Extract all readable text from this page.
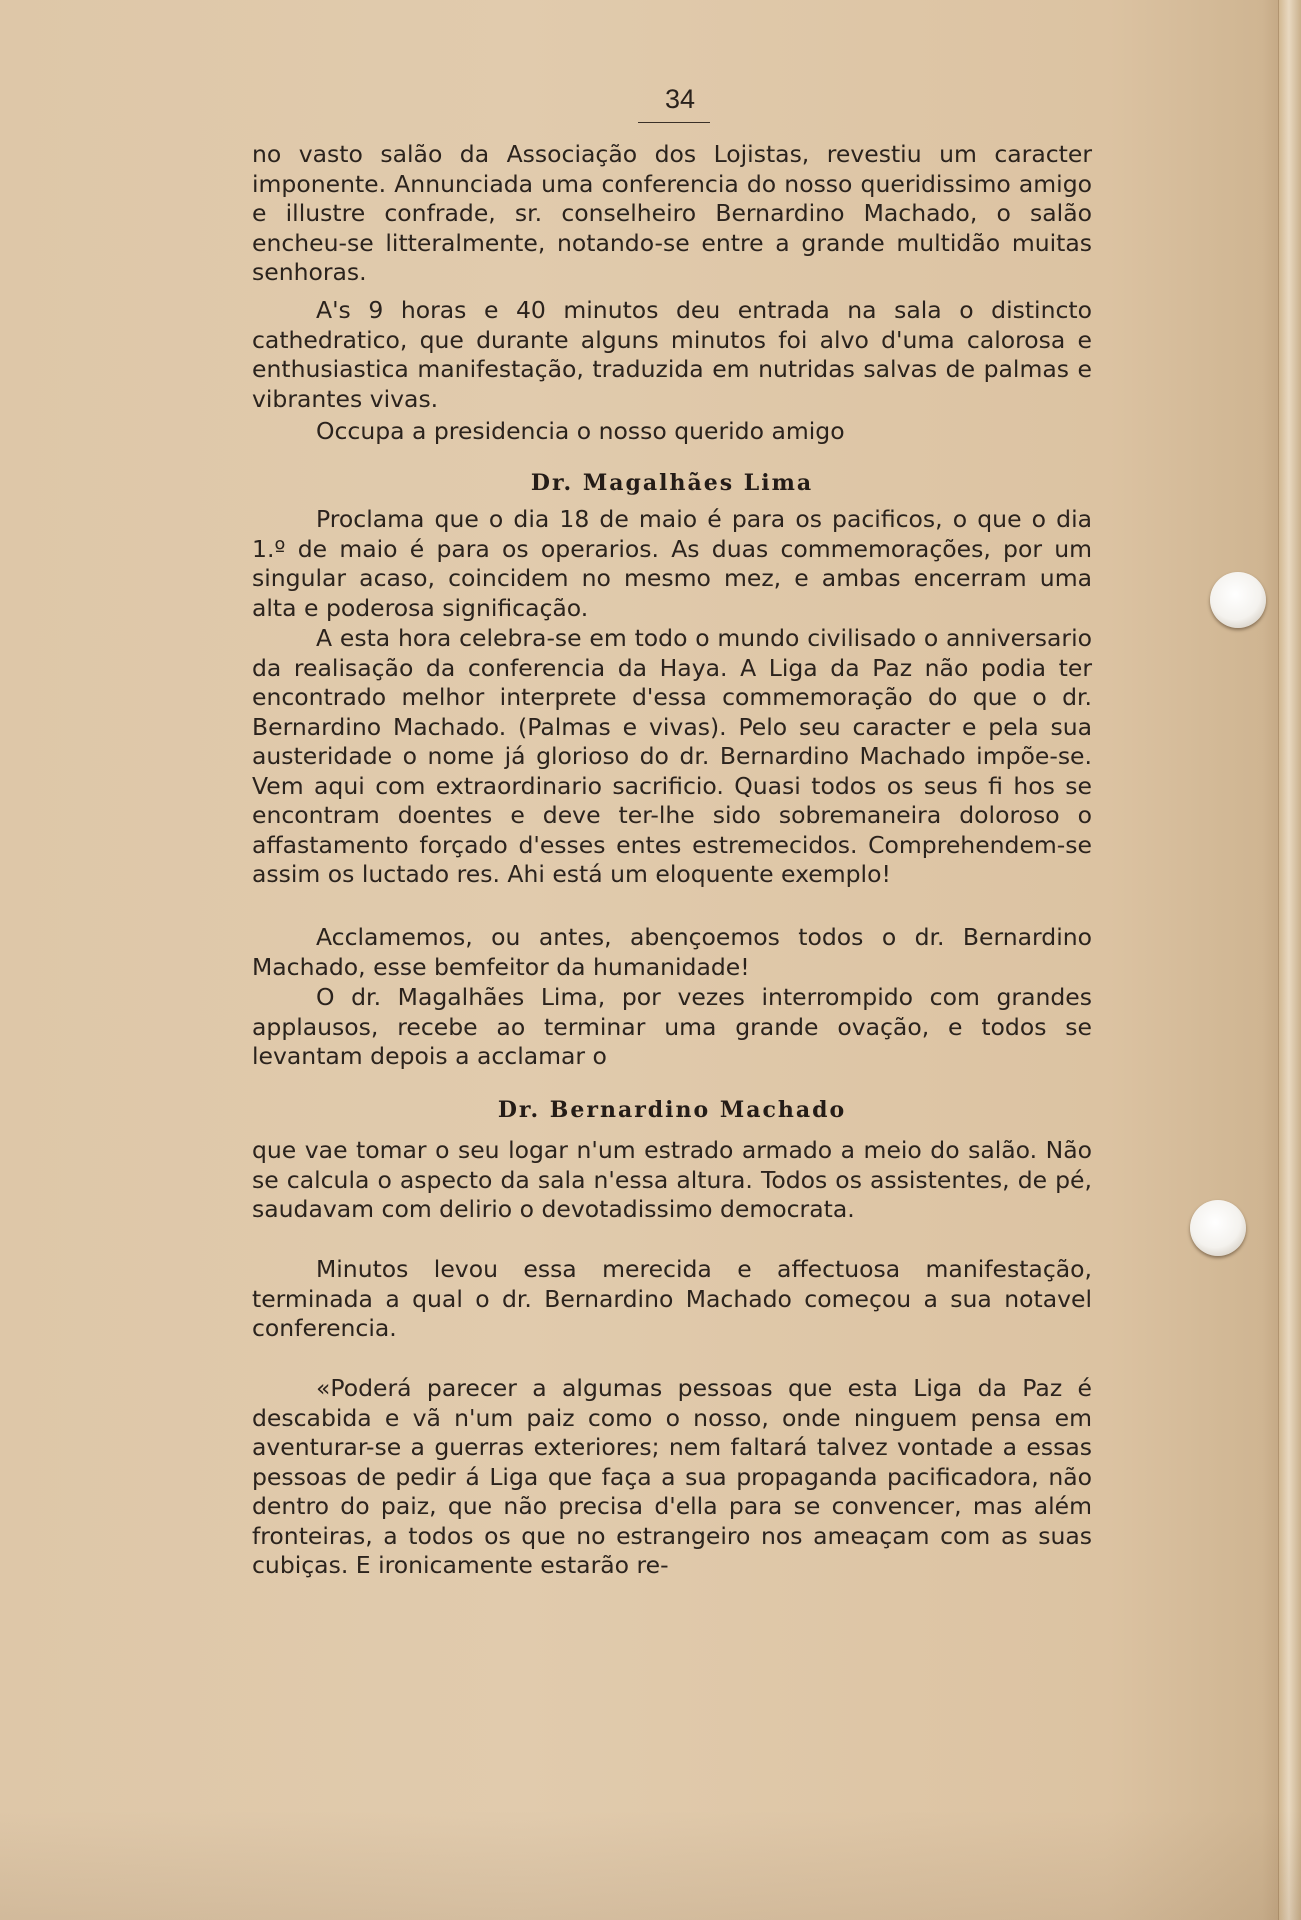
34

no vasto salão da Associação dos Lojistas, revestiu um caracter imponente. Annunciada uma conferencia do nosso queridissimo amigo e illustre confrade, sr. conselheiro Bernardino Machado, o salão encheu-se litteralmente, notando-se entre a grande multidão muitas senhoras.

A's 9 horas e 40 minutos deu entrada na sala o distincto cathedratico, que durante alguns minutos foi alvo d'uma calorosa e enthusiastica manifestação, traduzida em nutridas salvas de palmas e vibrantes vivas.

Occupa a presidencia o nosso querido amigo

Dr. Magalhães Lima

Proclama que o dia 18 de maio é para os pacificos, o que o dia 1.º de maio é para os operarios. As duas commemorações, por um singular acaso, coincidem no mesmo mez, e ambas encerram uma alta e poderosa significação.

A esta hora celebra-se em todo o mundo civilisado o anniversario da realisação da conferencia da Haya. A Liga da Paz não podia ter encontrado melhor interprete d'essa commemoração do que o dr. Bernardino Machado. (Palmas e vivas). Pelo seu caracter e pela sua austeridade o nome já glorioso do dr. Bernardino Machado impõe-se. Vem aqui com extraordinario sacrificio. Quasi todos os seus fi hos se encontram doentes e deve ter-lhe sido sobremaneira doloroso o affastamento forçado d'esses entes estremecidos. Comprehendem-se assim os luctado res. Ahi está um eloquente exemplo!

Acclamemos, ou antes, abençoemos todos o dr. Bernardino Machado, esse bemfeitor da humanidade!

O dr. Magalhães Lima, por vezes interrompido com grandes applausos, recebe ao terminar uma grande ovação, e todos se levantam depois a acclamar o

Dr. Bernardino Machado

que vae tomar o seu logar n'um estrado armado a meio do salão. Não se calcula o aspecto da sala n'essa altura. Todos os assistentes, de pé, saudavam com delirio o devotadissimo democrata.

Minutos levou essa merecida e affectuosa manifestação, terminada a qual o dr. Bernardino Machado começou a sua notavel conferencia.

«Poderá parecer a algumas pessoas que esta Liga da Paz é descabida e vã n'um paiz como o nosso, onde ninguem pensa em aventurar-se a guerras exteriores; nem faltará talvez vontade a essas pessoas de pedir á Liga que faça a sua propaganda pacificadora, não dentro do paiz, que não precisa d'ella para se convencer, mas além fronteiras, a todos os que no estrangeiro nos ameaçam com as suas cubiças. E ironicamente estarão re-
